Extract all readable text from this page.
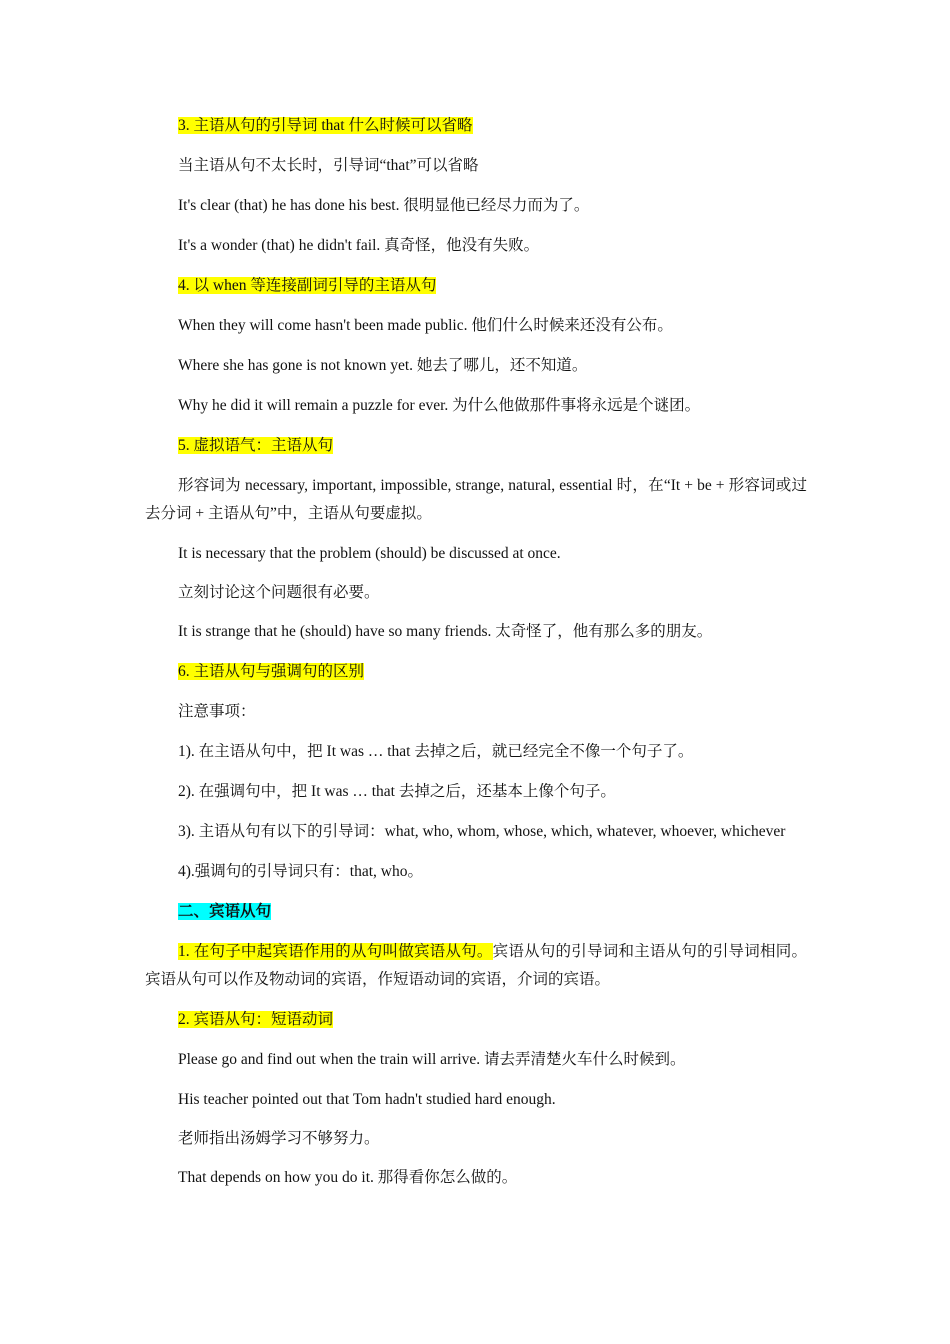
3. 主语从句的引导词 that 什么时候可以省略

当主语从句不太长时，引导词“that”可以省略

It's clear (that) he has done his best. 很明显他已经尽力而为了。

It's a wonder (that) he didn't fail. 真奇怪，他没有失败。

4. 以 when 等连接副词引导的主语从句

When they will come hasn't been made public. 他们什么时候来还没有公布。

Where she has gone is not known yet. 她去了哪儿，还不知道。

Why he did it will remain a puzzle for ever. 为什么他做那件事将永远是个谜团。

5. 虚拟语气：主语从句

形容词为 necessary, important, impossible, strange, natural, essential 时，在“It + be + 形容词或过去分词 + 主语从句”中，主语从句要虚拟。

It is necessary that the problem (should) be discussed at once.

立刻讨论这个问题很有必要。

It is strange that he (should) have so many friends. 太奇怪了，他有那么多的朋友。

6. 主语从句与强调句的区别

注意事项：

1). 在主语从句中，把 It was … that 去掉之后，就已经完全不像一个句子了。

2). 在强调句中，把 It was … that 去掉之后，还基本上像个句子。

3). 主语从句有以下的引导词：what, who, whom, whose, which, whatever, whoever, whichever

4).强调句的引导词只有：that, who。

二、宾语从句

1. 在句子中起宾语作用的从句叫做宾语从句。宾语从句的引导词和主语从句的引导词相同。宾语从句可以作及物动词的宾语，作短语动词的宾语，介词的宾语。

2. 宾语从句：短语动词

Please go and find out when the train will arrive. 请去弄清楚火车什么时候到。

His teacher pointed out that Tom hadn't studied hard enough.

老师指出汤姆学习不够努力。

That depends on how you do it. 那得看你怎么做的。
